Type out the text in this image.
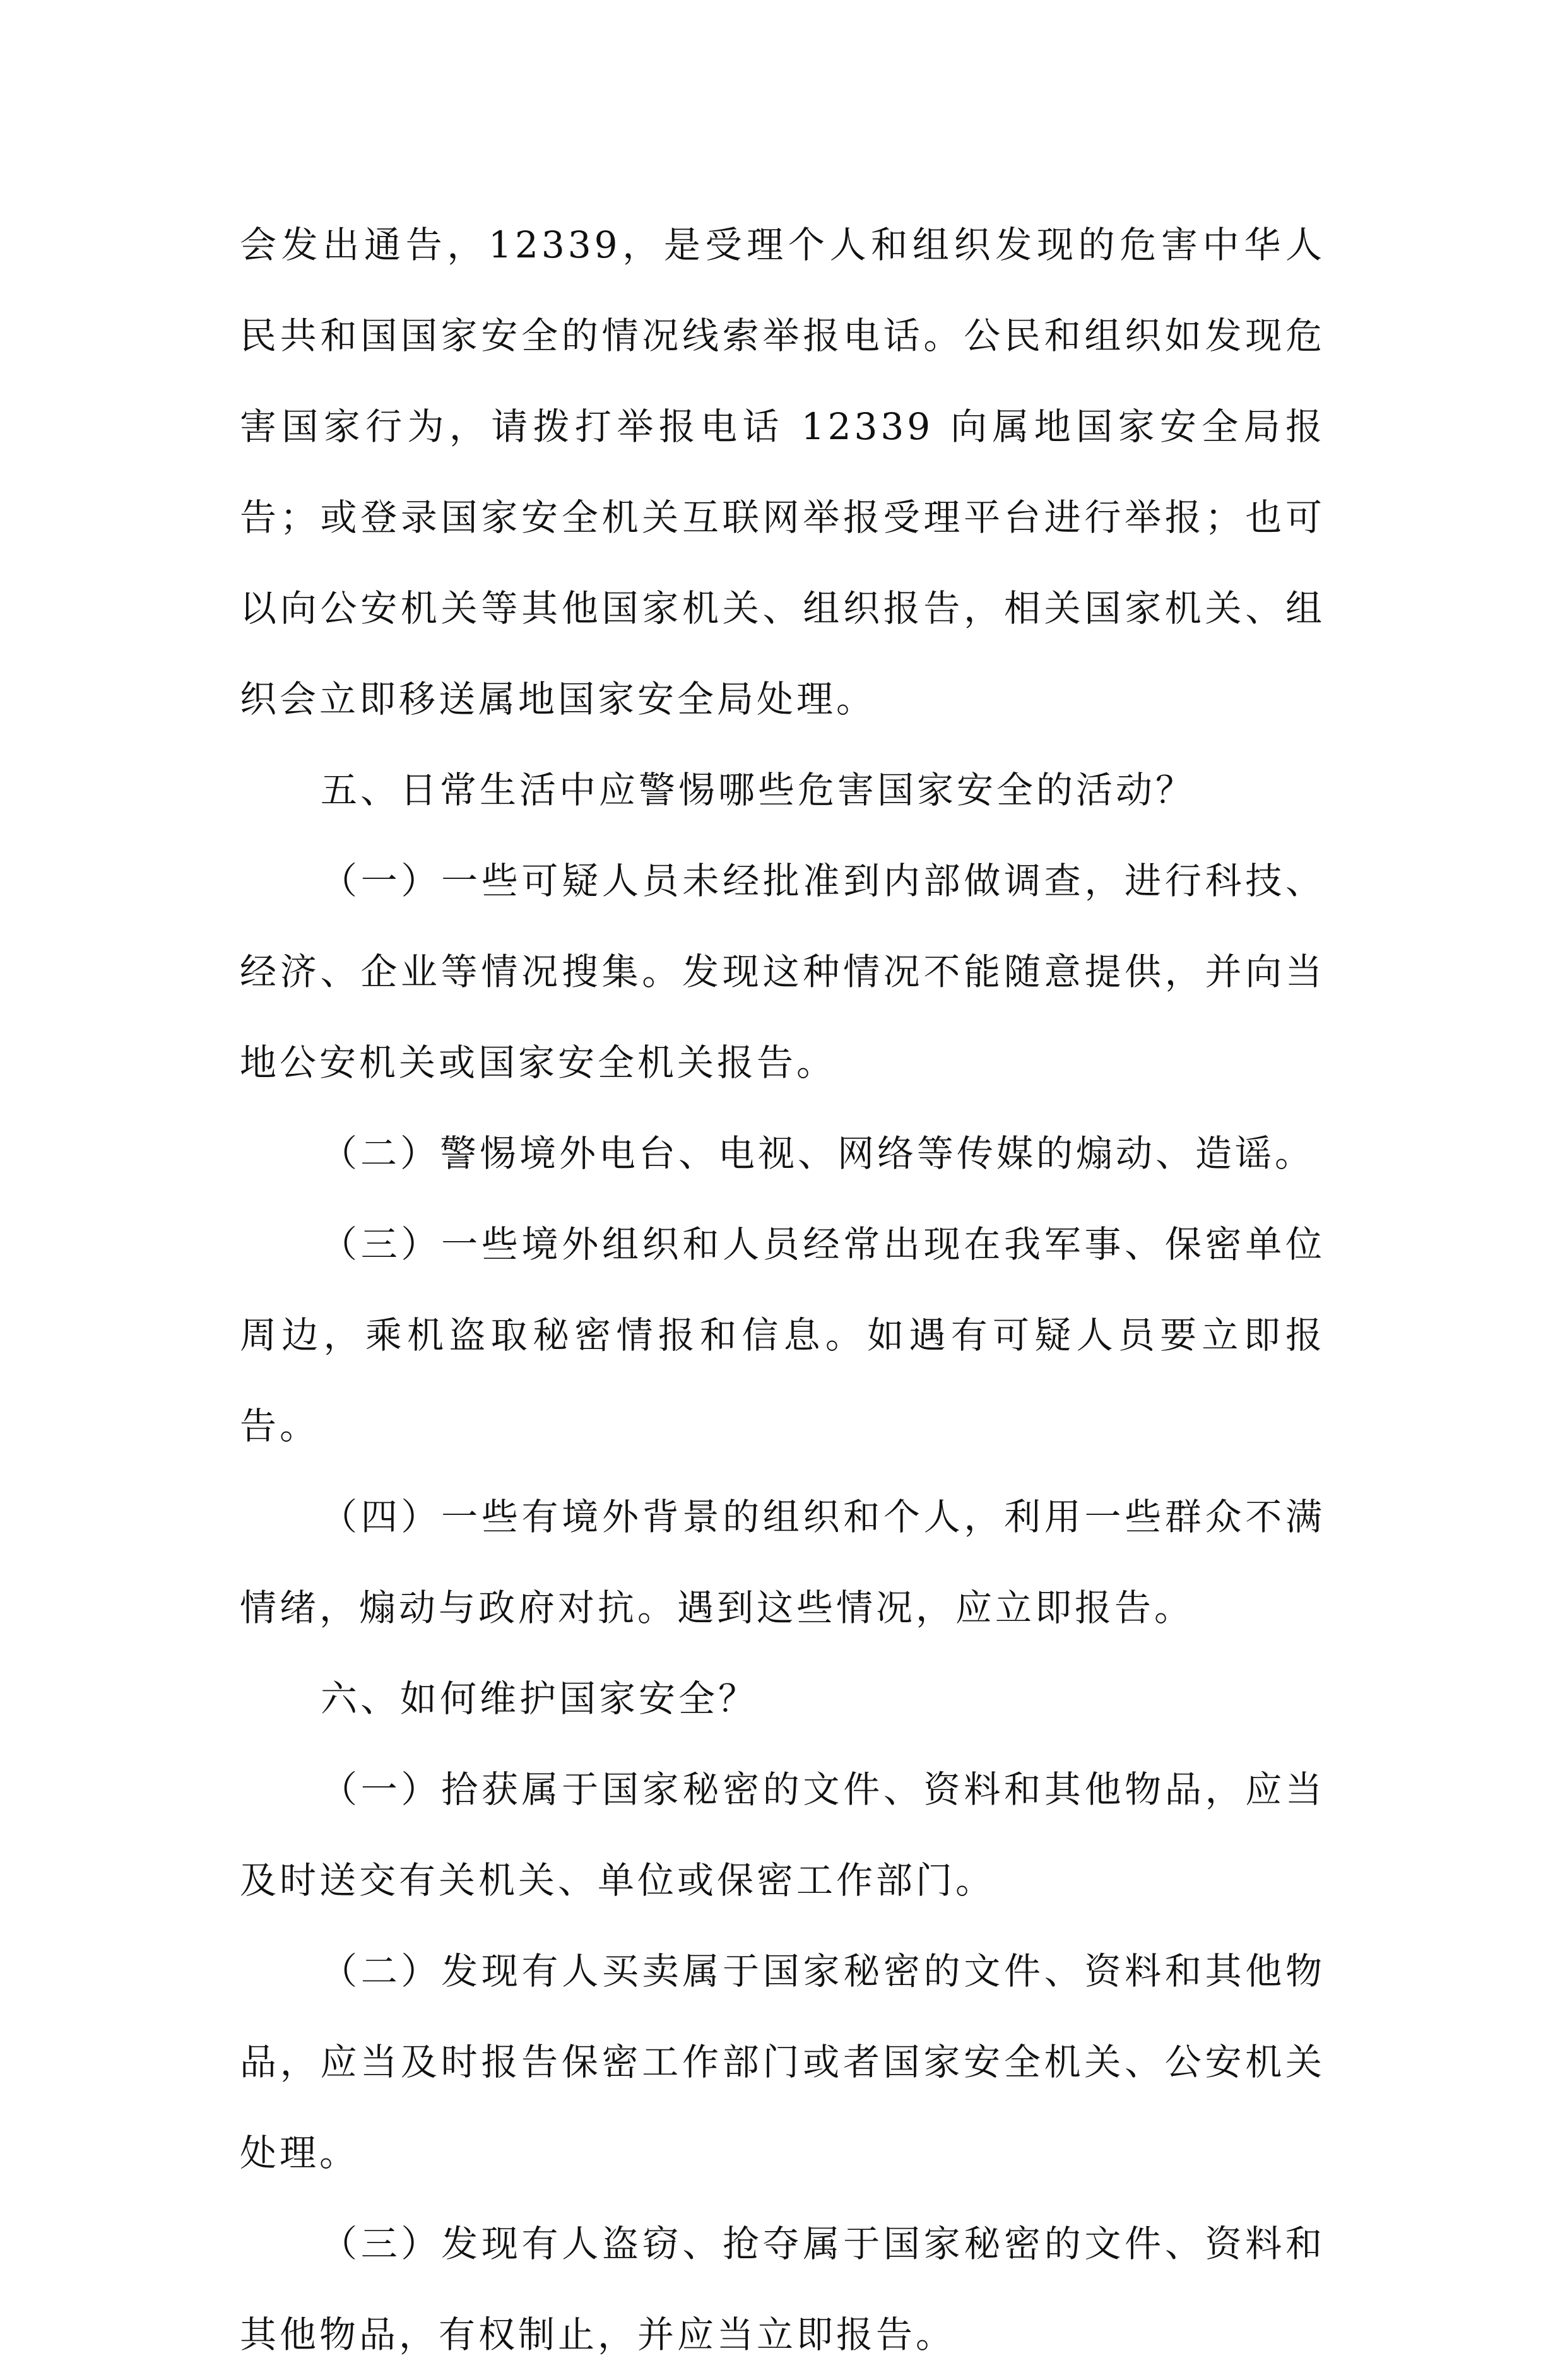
会发出通告，12339，是受理个人和组织发现的危害中华人民共和国国家安全的情况线索举报电话。公民和组织如发现危害国家行为，请拨打举报电话 12339 向属地国家安全局报告；或登录国家安全机关互联网举报受理平台进行举报；也可以向公安机关等其他国家机关、组织报告，相关国家机关、组织会立即移送属地国家安全局处理。

五、日常生活中应警惕哪些危害国家安全的活动？

（一）一些可疑人员未经批准到内部做调查，进行科技、经济、企业等情况搜集。发现这种情况不能随意提供，并向当地公安机关或国家安全机关报告。

（二）警惕境外电台、电视、网络等传媒的煽动、造谣。

（三）一些境外组织和人员经常出现在我军事、保密单位周边，乘机盗取秘密情报和信息。如遇有可疑人员要立即报告。

（四）一些有境外背景的组织和个人，利用一些群众不满情绪，煽动与政府对抗。遇到这些情况，应立即报告。

六、如何维护国家安全？

（一）拾获属于国家秘密的文件、资料和其他物品，应当及时送交有关机关、单位或保密工作部门。

（二）发现有人买卖属于国家秘密的文件、资料和其他物品，应当及时报告保密工作部门或者国家安全机关、公安机关处理。

（三）发现有人盗窃、抢夺属于国家秘密的文件、资料和其他物品，有权制止，并应当立即报告。
